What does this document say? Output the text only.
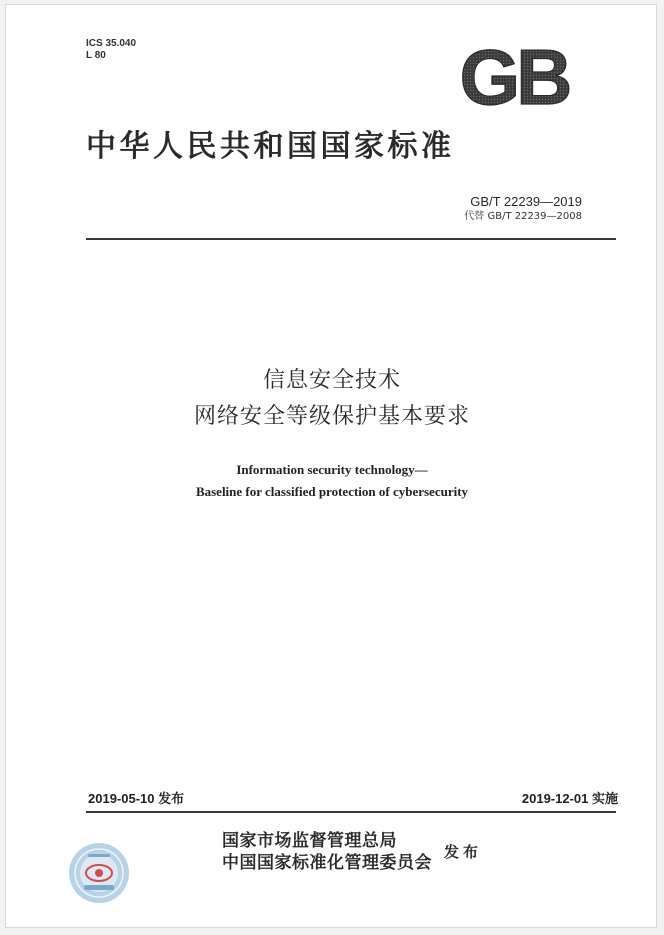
ICS 35.040
L 80	GB
中华人民共和国国家标准
GB/T 22239—2019
代替 GB/T 22239—2008
信息安全技术
网络安全等级保护基本要求
Information security technology—
Baseline for classified protection of cybersecurity
2019-05-10 发布	2019-12-01 实施
国家市场监督管理总局
中国国家标准化管理委员会
发布
